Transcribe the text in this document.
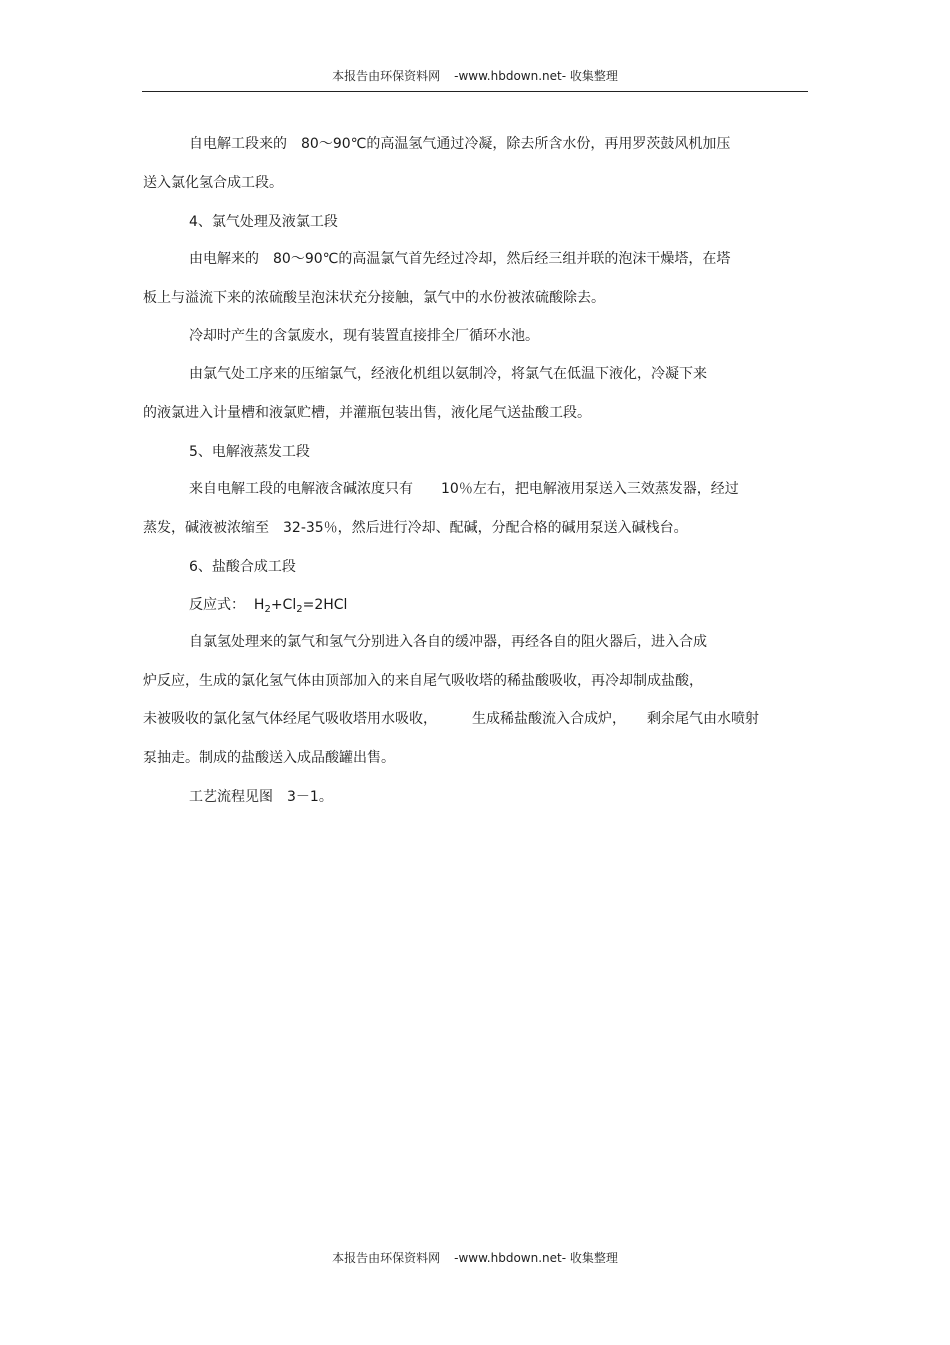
本报告由环保资料网 -www.hbdown.net- 收集整理
自电解工段来的　80～90℃的高温氢气通过冷凝，除去所含水份，再用罗茨鼓风机加压
送入氯化氢合成工段。
4、氯气处理及液氯工段
由电解来的　80～90℃的高温氯气首先经过冷却，然后经三组并联的泡沫干燥塔，在塔
板上与溢流下来的浓硫酸呈泡沫状充分接触，氯气中的水份被浓硫酸除去。
冷却时产生的含氯废水，现有装置直接排全厂循环水池。
由氯气处工序来的压缩氯气，经液化机组以氨制冷，将氯气在低温下液化，冷凝下来
的液氯进入计量槽和液氯贮槽，并灌瓶包装出售，液化尾气送盐酸工段。
5、电解液蒸发工段
来自电解工段的电解液含碱浓度只有　　10％左右，把电解液用泵送入三效蒸发器，经过
蒸发，碱液被浓缩至　32-35％，然后进行冷却、配碱，分配合格的碱用泵送入碱栈台。
6、盐酸合成工段
反应式： $H_2+Cl_2=2HCl$
自氯氢处理来的氯气和氢气分别进入各自的缓冲器，再经各自的阻火器后，进入合成
炉反应，生成的氯化氢气体由顶部加入的来自尾气吸收塔的稀盐酸吸收，再冷却制成盐酸，
未被吸收的氯化氢气体经尾气吸收塔用水吸收，　　　生成稀盐酸流入合成炉，　　剩余尾气由水喷射
泵抽走。制成的盐酸送入成品酸罐出售。
工艺流程见图　3－1。
本报告由环保资料网 -www.hbdown.net- 收集整理
